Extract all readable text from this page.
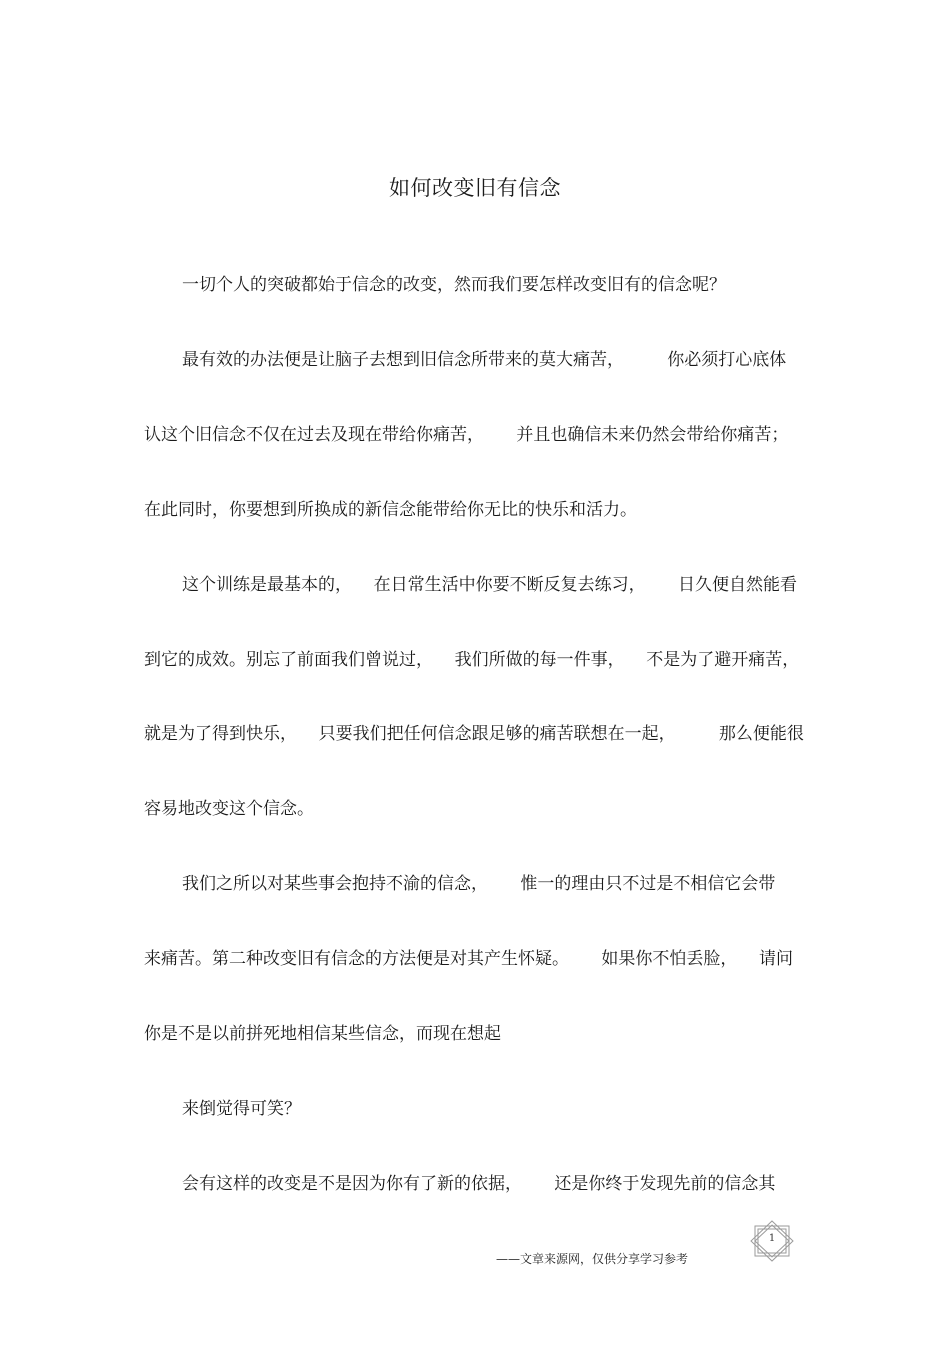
如何改变旧有信念
一切个人的突破都始于信念的改变，然而我们要怎样改变旧有的信念呢？
最有效的办法便是让脑子去想到旧信念所带来的莫大痛苦，        你必须打心底体
认这个旧信念不仅在过去及现在带给你痛苦，      并且也确信未来仍然会带给你痛苦；
在此同时，你要想到所换成的新信念能带给你无比的快乐和活力。
这个训练是最基本的，    在日常生活中你要不断反复去练习，      日久便自然能看
到它的成效。别忘了前面我们曾说过，    我们所做的每一件事，    不是为了避开痛苦，
就是为了得到快乐，    只要我们把任何信念跟足够的痛苦联想在一起，        那么便能很
容易地改变这个信念。
我们之所以对某些事会抱持不渝的信念，      惟一的理由只不过是不相信它会带
来痛苦。第二种改变旧有信念的方法便是对其产生怀疑。      如果你不怕丢脸，    请问
你是不是以前拼死地相信某些信念，而现在想起
来倒觉得可笑？
会有这样的改变是不是因为你有了新的依据，      还是你终于发现先前的信念其
1
——文章来源网，仅供分享学习参考
